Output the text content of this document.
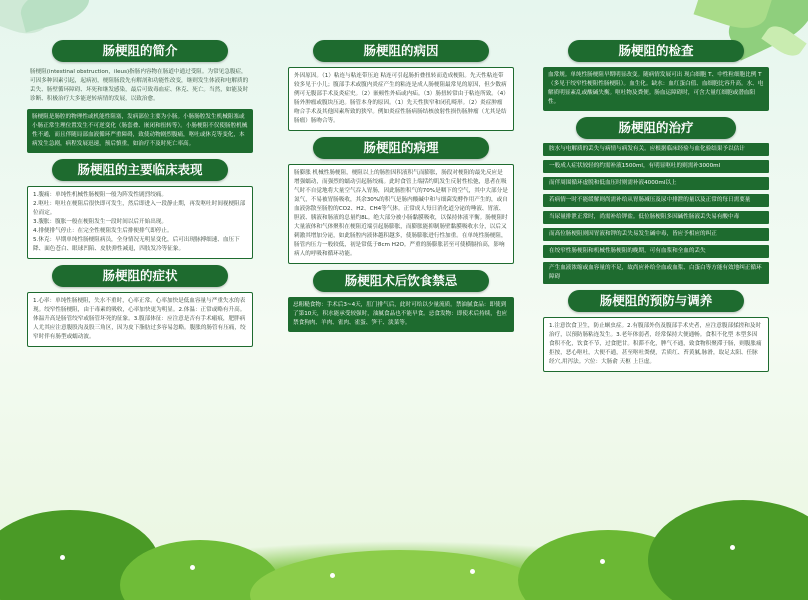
肠梗阻的简介
肠梗阻(intestinal obstruction，ileus)指肠内容物在肠道中通过受阻。为常见急腹症，可因多种因素引起，起病初，梗阻肠段先有解剖和功能性改变，继则发生体液和电解质的丢失、肠壁循环障碍、坏死和继发感染，最后可致毒血症、休克、死亡。当然，如能及时诊断、积极治疗大多能逆转病情的发展，以致治愈。
肠梗阻是肠腔的物理性或机能性阻塞，发病部位主要为小肠。小肠肠腔发生机械阻塞或小肠正常生理位置发生不可逆变化（肠套叠、嵌闭和扭转等）。小肠梗阻不仅使肠腔机械性不通，而且伴随局部血液循环严重障碍，致使动物剧烈腹痛，呕吐或休克等变化，本病发生急剧，病程发展迅速，预后慎重，如治疗不及时死亡率高。
肠梗阻的主要临床表现
1.腹痛：单纯性机械性肠梗阻一般为阵发性剧烈绞痛。
2.呕吐：呕吐在梗阻后很快即可发生，然后即进入一段静止期，再发呕吐时间视梗阻部位而定。
3.腹胀：腹胀一般在梗阻发生一段时间以后开始出现。
4.排便排气停止：在完全性梗阻发生后排便排气即停止。
5.休克：早期单纯性肠梗阻病员，全身情况无明显变化，后可出现脉搏细速、血压下降、面色苍白、眼球凹陷、皮肤弹性减退，四肢发冷等征象。
肠梗阻的症状
1.心率：单纯性肠梗阻，失水不重时，心率正常。心率加快是低血容量与严重失水的表现。绞窄性肠梗阻，由于毒素的吸收，心率加快更为明显。2.体温：正常或略有升高。体温升高是肠管绞窄或肠管坏死的征象。3.腹部体征：应注意是否有手术瘢痕，肥胖病人尤其应注意腹股沟及股三角区，因为皮下脂肪过多容易忽略。腹胀的肠管有压痛，绞窄时伴有肠型或蠕动波。
肠梗阻的病因
外因原因。（1）粘连与粘连带压迫 粘连可引起肠折叠扭转而造成梗阻。先天性粘连带较多见于小儿；腹部手术或腹内炎症产生的粘连是成人肠梗阻最常见的原因，但少数病例可无腹部手术及炎症史。（2）嵌顿性外疝或内疝。（3）肠扭转常由于粘连所致。（4）肠外肿瘤或腹块压迫。肠管本身的原因。（1）先天性狭窄和闭孔畸形。（2）炎症肿瘤吻合手术及其他因素所致的狭窄。例如炎症性肠病肠结核放射性损伤肠肿瘤（尤其是结肠瘤）肠吻合等。
肠梗阻的病理
肠膨胀 机械性肠梗阻，梗阻以上的肠腔因积液积气而膨胀，肠段对梗阻的最先反应是增强蠕动，而强烈的蠕动引起肠绞痛。此时食管上端括约肌发生反射性松弛，患者在吸气时不自觉地将大量空气吞入胃肠，因此肠腔积气的70%是咽下的空气，其中大部分是氮气，不易被胃肠吸收，其余30%的积气是肠内酸碱中和与细菌发酵作用产生的，或自血液弥散至肠腔的CO2、H2、CH4等气体。正常成人每日消化道分泌的唾液、胃液、胆液、胰液和肠液的总量约8L。绝大部分被小肠黏膜吸收，以保持体液平衡。肠梗阻时大量液体和气体聚积在梗阻近端引起肠膨胀，而膨胀能抑制肠壁黏膜吸收水分，以后又刺激其增加分泌，如此肠腔内液体越积越多，使肠膨胀进行性加重。在单纯性肠梗阻，肠管内压力一般较低，初是常低于8cm H2O。严重的肠膨胀甚至可使横膈抬高，影响病人的呼吸和循环功能。
肠梗阻术后饮食禁忌
忌粗糙食物：手术后3~4天，肛门排气后，此时可给以少量流质。禁油腻食品：即使到了第10天，积水能承受较强时，油腻食品也不能早食。忌食发物：即使术后持续，也应禁食狗肉、羊肉、雀肉、雀蛋、笋干、淡菜等。
肠梗阻的检查
血常规。单纯性肠梗阻早期明显改变。随病情发展可出 现白细胞 T、中性粒细胞比例 T（多见于绞窄性梗阻性肠梗阻）。血生化。缺水：血红蛋白值、血细胞比容升高。水、电解质明显紊乱或酸碱失衡。呕吐物及粪便。肠血运障碍时，可含大量红细胞或潜血阳性。
肠梗阻的治疗
胺水与电解质的丢失与病情与病发有关。应根据临床经验与血化验结果予以估计
一般成人症状较轻的约需补液1500ml，有明显呕吐的则需补3000ml
而伴周围循环虚脱和低血压时则需补液4000ml以上
若病情一时不能缓解则尚需补给从胃肠减压及尿中排泄的量以及正常的每日需要量
当尿量排泄正常时，尚需补给钾盐。低位肠梗阻多因碱性肠液丢失易有酸中毒
而高位肠梗阻则因胃液和钾的丢失易发生碱中毒，皆应予相应的纠正
在绞窄性肠梗阻和机械性肠梗阻的晚期，可有血浆和全血的丢失
产生血液浓缩或血容量的不足，故尚应补给全血或血浆、白蛋白等方能有效地纠正循环障碍
肠梗阻的预防与调养
1.注意饮食卫生，防止蛔虫症。2.有腹部外伤及腹部手术史者，应注意腹部揉搓和及时治疗，以预防肠粘连发生。3.老年体弱者，经常保持大便通畅。食积不化型 本型多因食积不化，饮食不节，过食肥甘。积滞不化，脾气不通，致食物积聚滞于肠，则腹胀痛拒按，恶心呕吐，大便不通，甚至呕吐粪便，舌质红、苔黄腻,脉滑，取足太阳、任脉经穴,用泻法。穴位：大肠俞 天枢 上巨虚。
